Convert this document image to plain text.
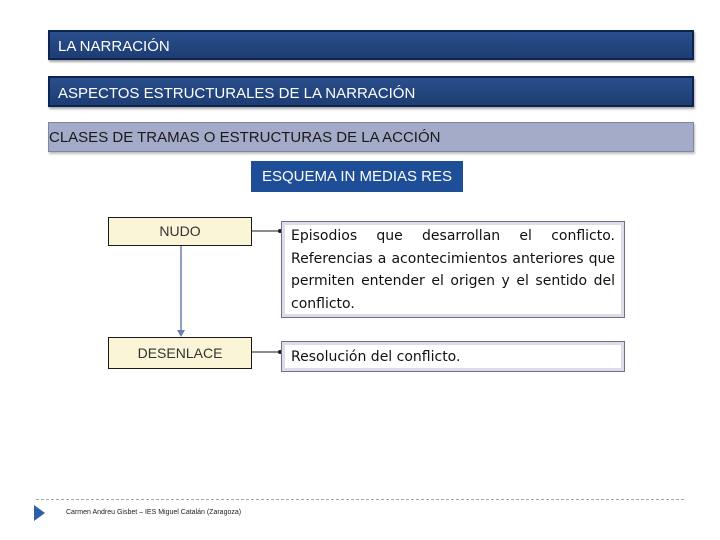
LA NARRACIÓN
ASPECTOS ESTRUCTURALES DE LA NARRACIÓN
CLASES DE TRAMAS O ESTRUCTURAS DE LA ACCIÓN
ESQUEMA IN MEDIAS RES
NUDO
DESENLACE
Episodios que desarrollan el conflicto. Referencias a acontecimientos anteriores que permiten entender el origen y el sentido del conflicto.
Resolución del conflicto.
Carmen Andreu Gisbet – IES Miguel Catalán (Zaragoza)
